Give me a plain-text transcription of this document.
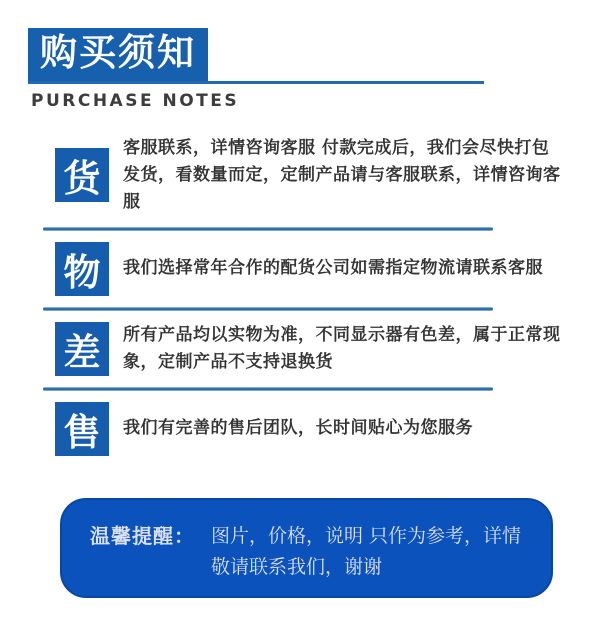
购买须知
PURCHASE NOTES
货
客服联系，详情咨询客服 付款完成后，我们会尽快打包发货，看数量而定，定制产品请与客服联系，详情咨询客服
物	我们选择常年合作的配货公司如需指定物流请联系客服
差	所有产品均以实物为准，不同显示器有色差，属于正常现象，定制产品不支持退换货
售	我们有完善的售后团队，长时间贴心为您服务
温馨提醒： 图片，价格，说明 只作为参考，详情敬请联系我们，谢谢
